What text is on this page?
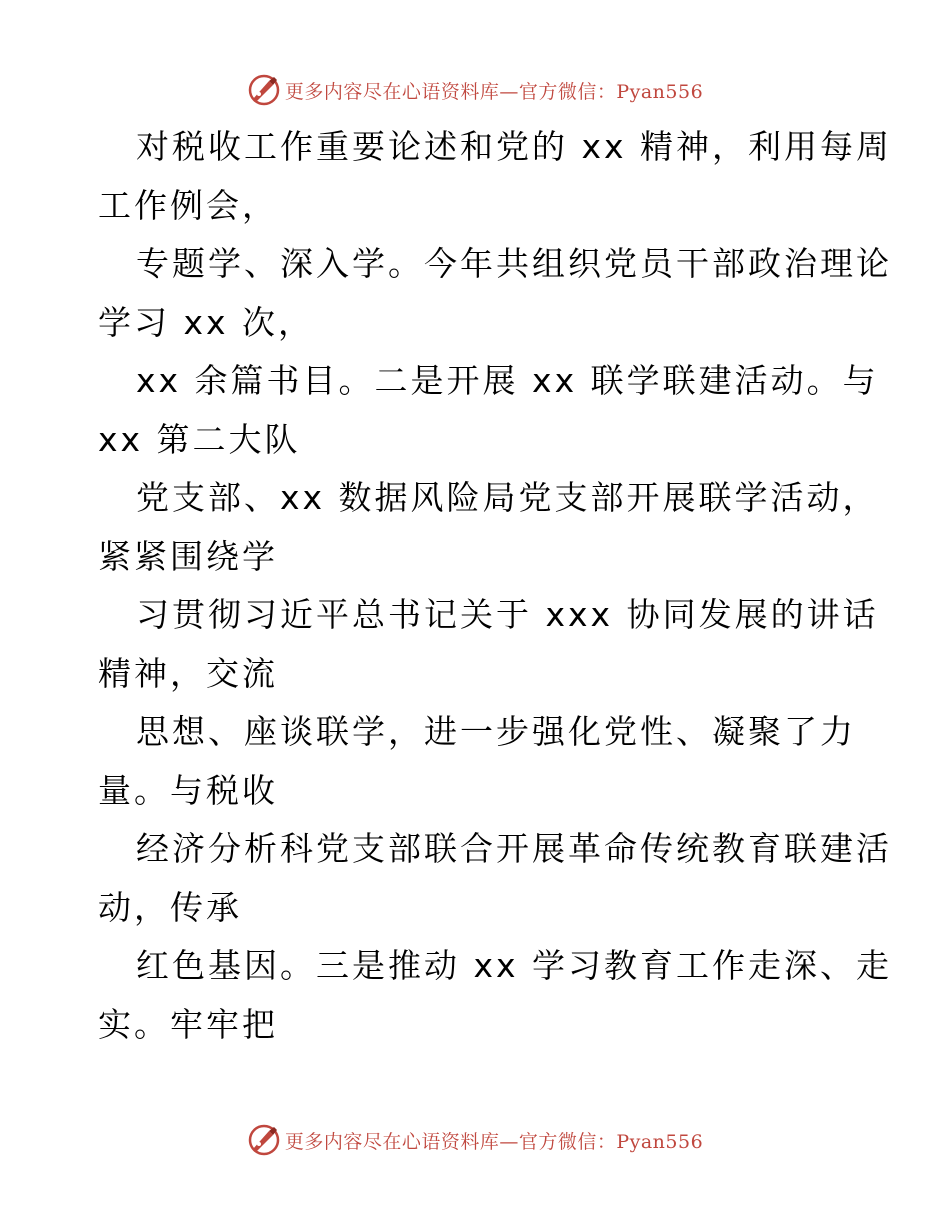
更多内容尽在心语资料库—官方微信：Pyan556
对税收工作重要论述和党的 xx 精神，利用每周
工作例会，
专题学、深入学。今年共组织党员干部政治理论
学习 xx 次，
xx 余篇书目。二是开展 xx 联学联建活动。与
xx 第二大队
党支部、xx 数据风险局党支部开展联学活动，
紧紧围绕学
习贯彻习近平总书记关于 xxx 协同发展的讲话
精神，交流
思想、座谈联学，进一步强化党性、凝聚了力
量。与税收
经济分析科党支部联合开展革命传统教育联建活
动，传承
红色基因。三是推动 xx 学习教育工作走深、走
实。牢牢把
更多内容尽在心语资料库—官方微信：Pyan556
